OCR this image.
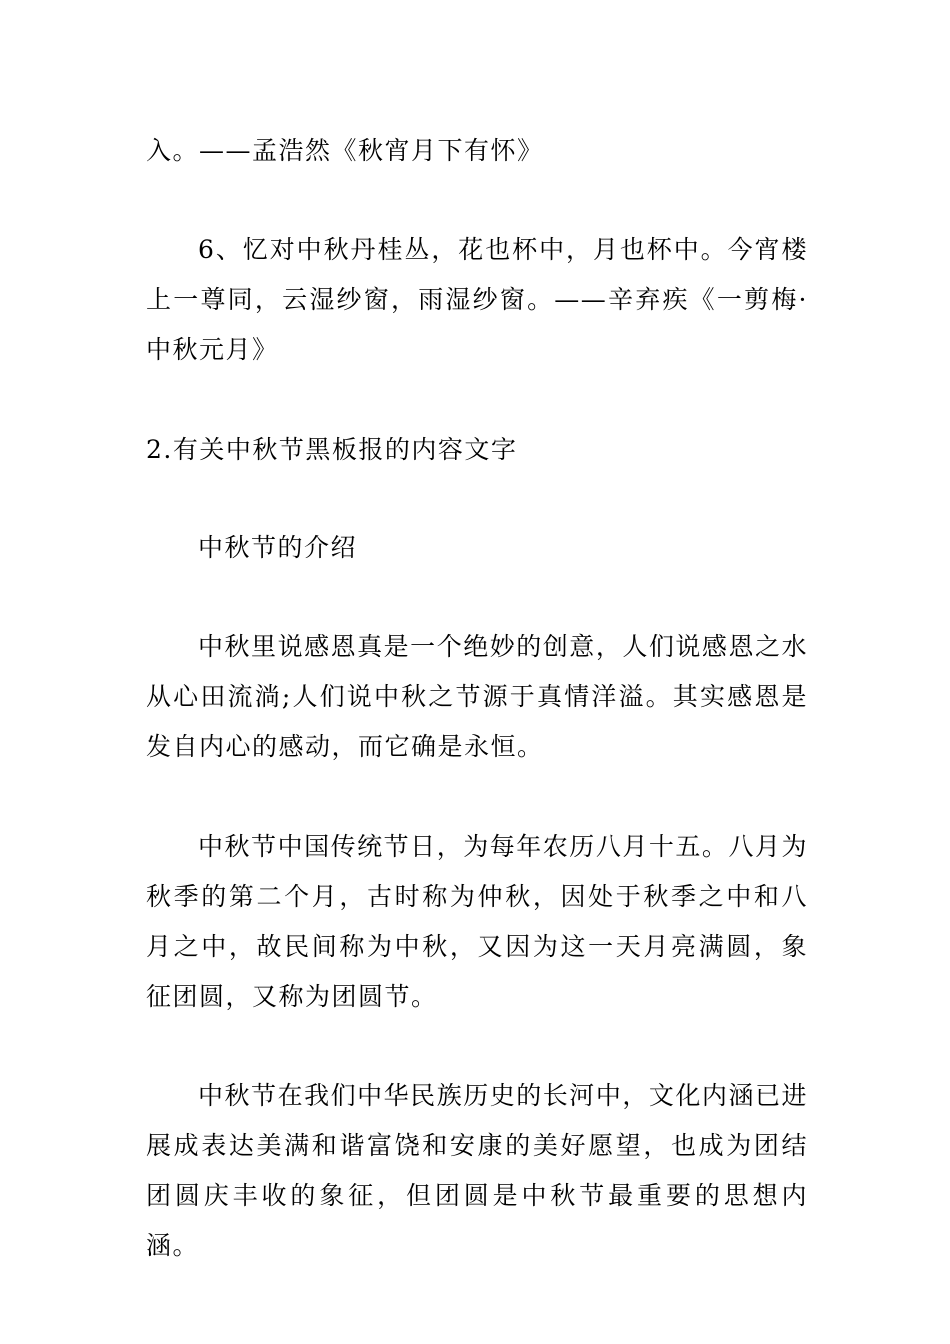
入。——孟浩然《秋宵月下有怀》

6、忆对中秋丹桂丛，花也杯中，月也杯中。今宵楼上一尊同，云湿纱窗，雨湿纱窗。——辛弃疾《一剪梅·中秋元月》

2.有关中秋节黑板报的内容文字

中秋节的介绍

中秋里说感恩真是一个绝妙的创意，人们说感恩之水从心田流淌;人们说中秋之节源于真情洋溢。其实感恩是发自内心的感动，而它确是永恒。

中秋节中国传统节日，为每年农历八月十五。八月为秋季的第二个月，古时称为仲秋，因处于秋季之中和八月之中，故民间称为中秋，又因为这一天月亮满圆，象征团圆，又称为团圆节。

中秋节在我们中华民族历史的长河中，文化内涵已进展成表达美满和谐富饶和安康的美好愿望，也成为团结团圆庆丰收的象征，但团圆是中秋节最重要的思想内涵。
